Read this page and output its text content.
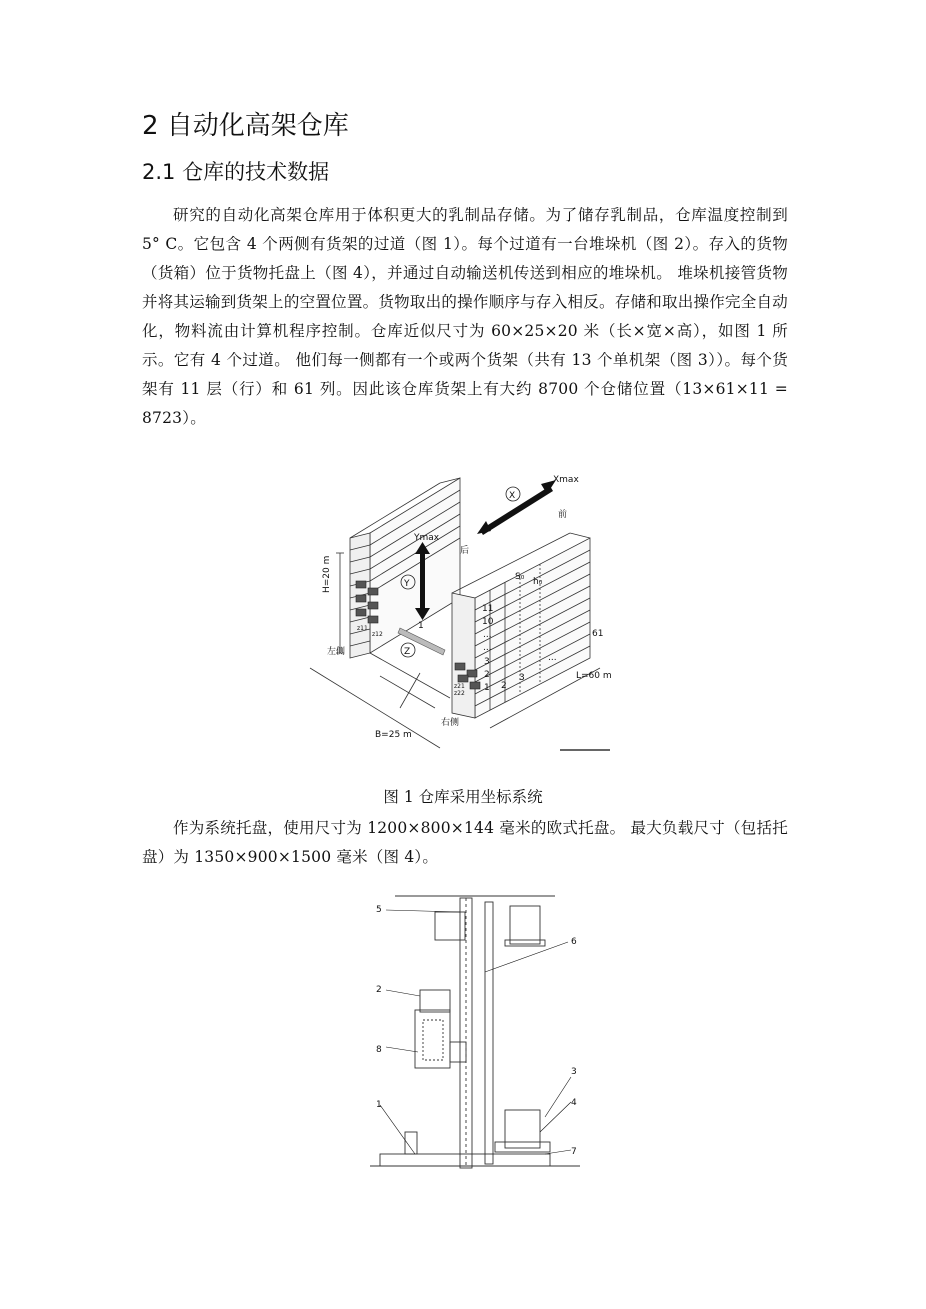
2 自动化高架仓库
2.1 仓库的技术数据

研究的自动化高架仓库用于体积更大的乳制品存储。为了储存乳制品，仓库温度控制到 5° C。它包含 4 个两侧有货架的过道（图 1）。每个过道有一台堆垛机（图 2）。存入的货物（货箱）位于货物托盘上（图 4），并通过自动输送机传送到相应的堆垛机。 堆垛机接管货物并将其运输到货架上的空置位置。货物取出的操作顺序与存入相反。存储和取出操作完全自动化，物料流由计算机程序控制。仓库近似尺寸为 60×25×20 米（长×宽×高），如图 1 所示。它有 4 个过道。 他们每一侧都有一个或两个货架（共有 13 个单机架（图 3））。每个货架有 11 层（行）和 61 列。因此该仓库货架上有大约 8700 个仓储位置（13×61×11 = 8723）。

Xmax
X
前
后
Ymax
Y
Z
H=20 m
L=60 m
B=25 m
左侧
右侧
S₀ h₀
11
10
...
...
3
2
1 2
3
...
61
1
z11
z12
z21
z22
图 1 仓库采用坐标系统

作为系统托盘，使用尺寸为 1200×800×144 毫米的欧式托盘。 最大负载尺寸（包括托盘）为 1350×900×1500 毫米（图 4）。

5
6
2
8
3
4
1
7
